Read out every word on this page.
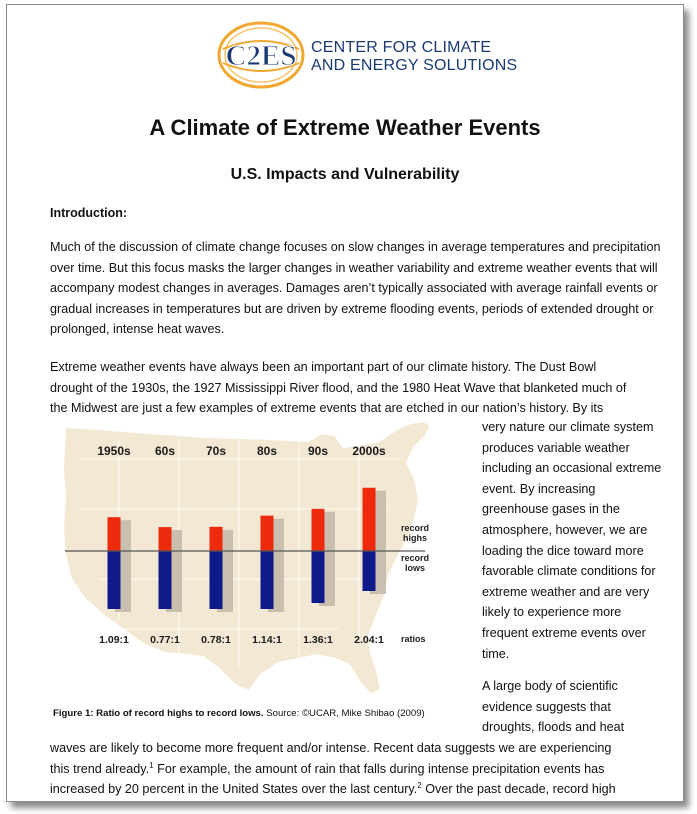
C2ES CENTER FOR CLIMATE
AND ENERGY SOLUTIONS
A Climate of Extreme Weather Events
U.S. Impacts and Vulnerability
Introduction:

Much of the discussion of climate change focuses on slow changes in average temperatures and precipitation over time. But this focus masks the larger changes in weather variability and extreme weather events that will accompany modest changes in averages. Damages aren’t typically associated with average rainfall events or gradual increases in temperatures but are driven by extreme flooding events, periods of extended drought or prolonged, intense heat waves.

Extreme weather events have always been an important part of our climate history. The Dust Bowl
drought of the 1930s, the 1927 Mississippi River flood, and the 1980 Heat Wave that blanketed much of
the Midwest are just a few examples of extreme events that are etched in our nation’s history. By its
1950s
1.09:1
60s
0.77:1
70s
0.78:1
80s
1.14:1
90s
1.36:1
2000s
2.04:1
record
highs
record
lows
ratios
Figure 1: Ratio of record highs to record lows. Source: ©UCAR, Mike Shibao (2009)
very nature our climate system
produces variable weather
including an occasional extreme
event. By increasing
greenhouse gases in the
atmosphere, however, we are
loading the dice toward more
favorable climate conditions for
extreme weather and are very
likely to experience more
frequent extreme events over
time.
A large body of scientific
evidence suggests that
droughts, floods and heat
waves are likely to become more frequent and/or intense. Recent data suggests we are experiencing
this trend already.$^1$ For example, the amount of rain that falls during intense precipitation events has
increased by 20 percent in the United States over the last century.$^2$ Over the past decade, record high
